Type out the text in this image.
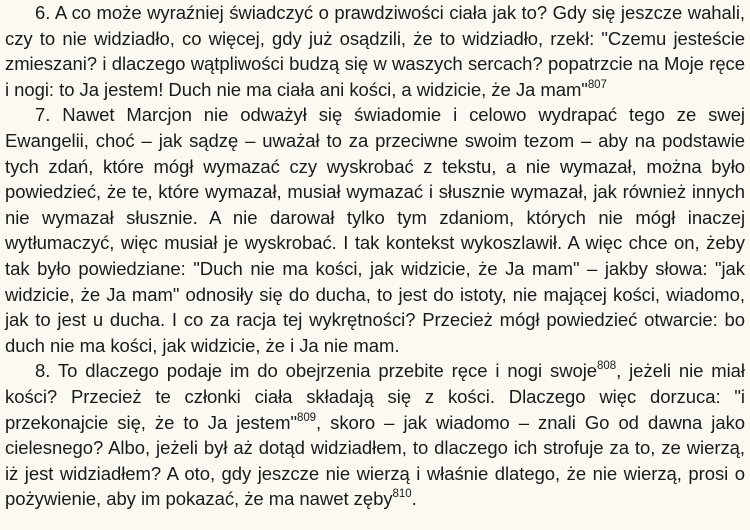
6. A co może wyraźniej świadczyć o prawdziwości ciała jak to? Gdy się jeszcze wahali, czy to nie widziadło, co więcej, gdy już osądzili, że to widziadło, rzekł: "Czemu jesteście zmieszani? i dlaczego wątpliwości budzą się w waszych sercach? popatrzcie na Moje ręce i nogi: to Ja jestem! Duch nie ma ciała ani kości, a widzicie, że Ja mam"$^{807}$

7. Nawet Marcjon nie odważył się świadomie i celowo wydrapać tego ze swej Ewangelii, choć – jak sądzę – uważał to za przeciwne swoim tezom – aby na podstawie tych zdań, które mógł wymazać czy wyskrobać z tekstu, a nie wymazał, można było powiedzieć, że te, które wymazał, musiał wymazać i słusznie wymazał, jak również innych nie wymazał słusznie. A nie darował tylko tym zdaniom, których nie mógł inaczej wytłumaczyć, więc musiał je wyskrobać. I tak kontekst wykoszlawił. A więc chce on, żeby tak było powiedziane: "Duch nie ma kości, jak widzicie, że Ja mam" – jakby słowa: "jak widzicie, że Ja mam" odnosiły się do ducha, to jest do istoty, nie mającej kości, wiadomo, jak to jest u ducha. I co za racja tej wykrętności? Przecież mógł powiedzieć otwarcie: bo duch nie ma kości, jak widzicie, że i Ja nie mam.

8. To dlaczego podaje im do obejrzenia przebite ręce i nogi swoje$^{808}$, jeżeli nie miał kości? Przecież te członki ciała składają się z kości. Dlaczego więc dorzuca: "i przekonajcie się, że to Ja jestem"$^{809}$, skoro – jak wiadomo – znali Go od dawna jako cielesnego? Albo, jeżeli był aż dotąd widziadłem, to dlaczego ich strofuje za to, ze wierzą, iż jest widziadłem? A oto, gdy jeszcze nie wierzą i właśnie dlatego, że nie wierzą, prosi o pożywienie, aby im pokazać, że ma nawet zęby$^{810}$.
